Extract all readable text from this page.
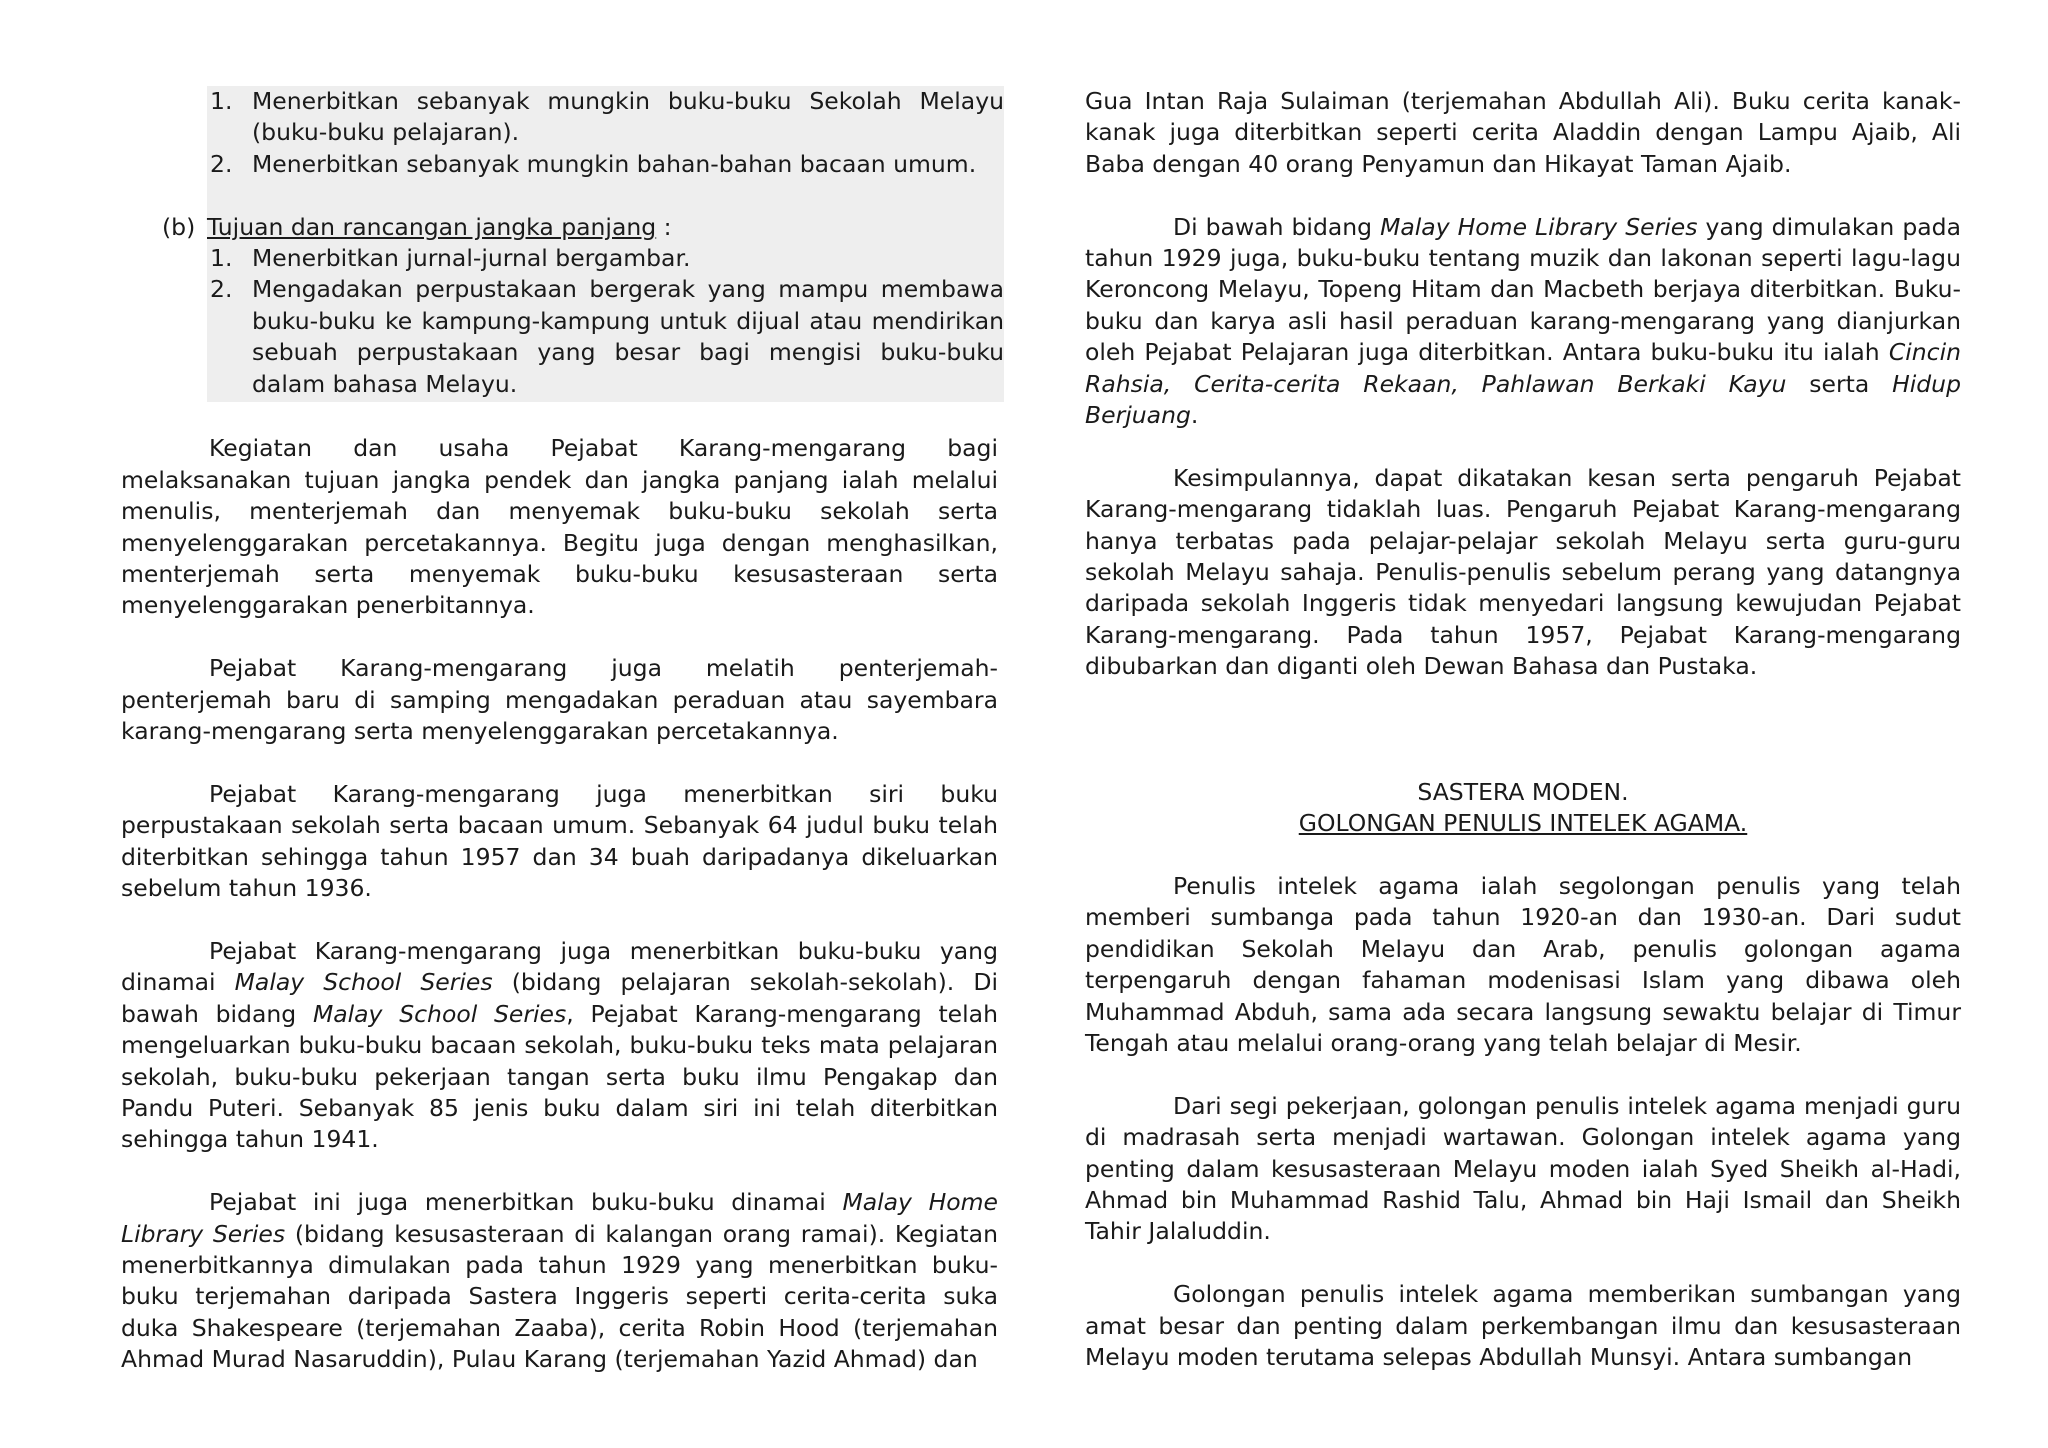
1. Menerbitkan sebanyak mungkin buku-buku Sekolah Melayu (buku-buku pelajaran).
2. Menerbitkan sebanyak mungkin bahan-bahan bacaan umum.
(b) Tujuan dan rancangan jangka panjang :
1. Menerbitkan jurnal-jurnal bergambar.
2. Mengadakan perpustakaan bergerak yang mampu membawa buku-buku ke kampung-kampung untuk dijual atau mendirikan sebuah perpustakaan yang besar bagi mengisi buku-buku dalam bahasa Melayu.

Kegiatan dan usaha Pejabat Karang-mengarang bagi melaksanakan tujuan jangka pendek dan jangka panjang ialah melalui menulis, menterjemah dan menyemak buku-buku sekolah serta menyelenggarakan percetakannya. Begitu juga dengan menghasilkan, menterjemah serta menyemak buku-buku kesusasteraan serta menyelenggarakan penerbitannya.

Pejabat Karang-mengarang juga melatih penterjemah-penterjemah baru di samping mengadakan peraduan atau sayembara karang-mengarang serta menyelenggarakan percetakannya.

Pejabat Karang-mengarang juga menerbitkan siri buku perpustakaan sekolah serta bacaan umum. Sebanyak 64 judul buku telah diterbitkan sehingga tahun 1957 dan 34 buah daripadanya dikeluarkan sebelum tahun 1936.

Pejabat Karang-mengarang juga menerbitkan buku-buku yang dinamai Malay School Series (bidang pelajaran sekolah-sekolah). Di bawah bidang Malay School Series, Pejabat Karang-mengarang telah mengeluarkan buku-buku bacaan sekolah, buku-buku teks mata pelajaran sekolah, buku-buku pekerjaan tangan serta buku ilmu Pengakap dan Pandu Puteri. Sebanyak 85 jenis buku dalam siri ini telah diterbitkan sehingga tahun 1941.

Pejabat ini juga menerbitkan buku-buku dinamai Malay Home Library Series (bidang kesusasteraan di kalangan orang ramai). Kegiatan menerbitkannya dimulakan pada tahun 1929 yang menerbitkan buku-buku terjemahan daripada Sastera Inggeris seperti cerita-cerita suka duka Shakespeare (terjemahan Zaaba), cerita Robin Hood (terjemahan Ahmad Murad Nasaruddin), Pulau Karang (terjemahan Yazid Ahmad) dan

Gua Intan Raja Sulaiman (terjemahan Abdullah Ali). Buku cerita kanak-kanak juga diterbitkan seperti cerita Aladdin dengan Lampu Ajaib, Ali Baba dengan 40 orang Penyamun dan Hikayat Taman Ajaib.

Di bawah bidang Malay Home Library Series yang dimulakan pada tahun 1929 juga, buku-buku tentang muzik dan lakonan seperti lagu-lagu Keroncong Melayu, Topeng Hitam dan Macbeth berjaya diterbitkan. Buku-buku dan karya asli hasil peraduan karang-mengarang yang dianjurkan oleh Pejabat Pelajaran juga diterbitkan. Antara buku-buku itu ialah Cincin Rahsia, Cerita-cerita Rekaan, Pahlawan Berkaki Kayu serta Hidup Berjuang.

Kesimpulannya, dapat dikatakan kesan serta pengaruh Pejabat Karang-mengarang tidaklah luas. Pengaruh Pejabat Karang-mengarang hanya terbatas pada pelajar-pelajar sekolah Melayu serta guru-guru sekolah Melayu sahaja. Penulis-penulis sebelum perang yang datangnya daripada sekolah Inggeris tidak menyedari langsung kewujudan Pejabat Karang-mengarang. Pada tahun 1957, Pejabat Karang-mengarang dibubarkan dan diganti oleh Dewan Bahasa dan Pustaka.

SASTERA MODEN.

GOLONGAN PENULIS INTELEK AGAMA.

Penulis intelek agama ialah segolongan penulis yang telah memberi sumbanga pada tahun 1920-an dan 1930-an. Dari sudut pendidikan Sekolah Melayu dan Arab, penulis golongan agama terpengaruh dengan fahaman modenisasi Islam yang dibawa oleh Muhammad Abduh, sama ada secara langsung sewaktu belajar di Timur Tengah atau melalui orang-orang yang telah belajar di Mesir.

Dari segi pekerjaan, golongan penulis intelek agama menjadi guru di madrasah serta menjadi wartawan. Golongan intelek agama yang penting dalam kesusasteraan Melayu moden ialah Syed Sheikh al-Hadi, Ahmad bin Muhammad Rashid Talu, Ahmad bin Haji Ismail dan Sheikh Tahir Jalaluddin.

Golongan penulis intelek agama memberikan sumbangan yang amat besar dan penting dalam perkembangan ilmu dan kesusasteraan Melayu moden terutama selepas Abdullah Munsyi. Antara sumbangan
